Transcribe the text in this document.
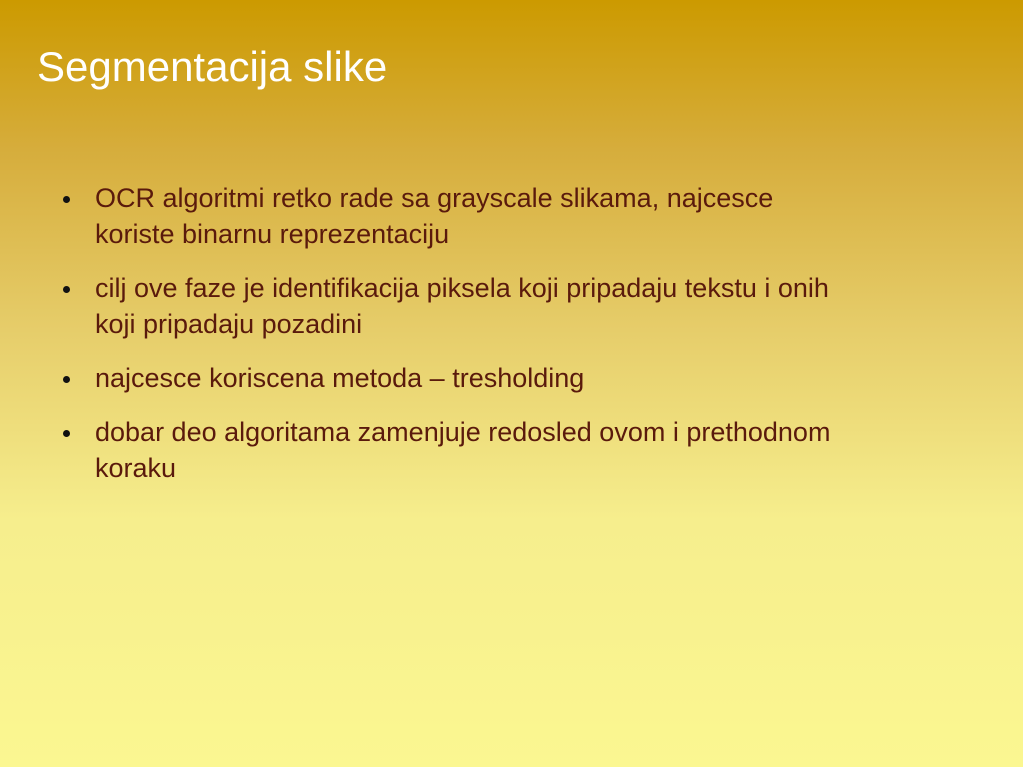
Segmentacija slike
OCR algoritmi retko rade sa grayscale slikama, najcesce
koriste binarnu reprezentaciju
cilj ove faze je identifikacija piksela koji pripadaju tekstu i onih
koji pripadaju pozadini
najcesce koriscena metoda – tresholding
dobar deo algoritama zamenjuje redosled ovom i prethodnom
koraku
